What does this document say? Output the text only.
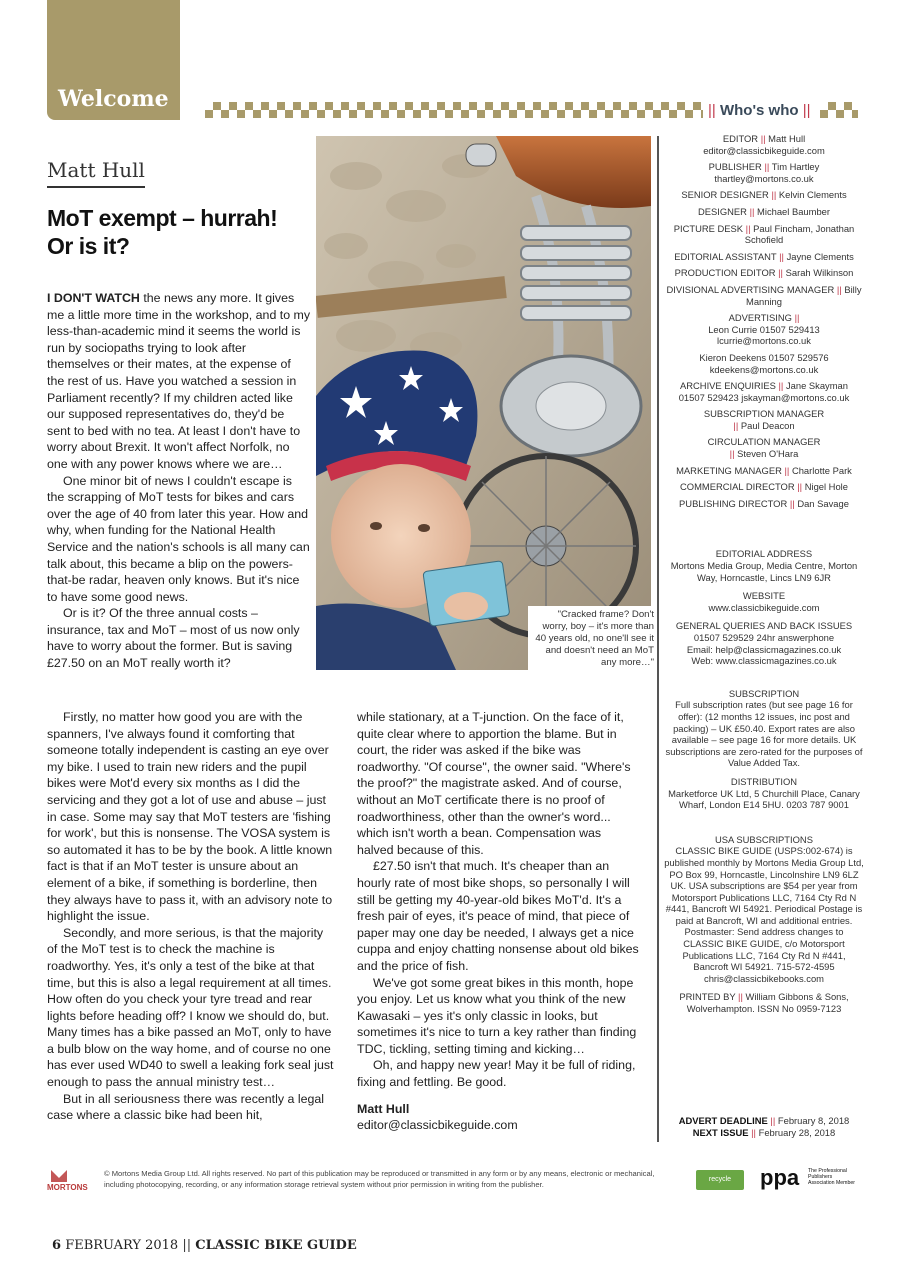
Welcome	|| Who's who ||
Matt Hull
MoT exempt – hurrah! Or is it?

I DON'T WATCH the news any more. It gives me a little more time in the workshop, and to my less-than-academic mind it seems the world is run by sociopaths trying to look after themselves or their mates, at the expense of the rest of us. Have you watched a session in Parliament recently? If my children acted like our supposed representatives do, they'd be sent to bed with no tea. At least I don't have to worry about Brexit. It won't affect Norfolk, no one with any power knows where we are…

One minor bit of news I couldn't escape is the scrapping of MoT tests for bikes and cars over the age of 40 from later this year. How and why, when funding for the National Health Service and the nation's schools is all many can talk about, this became a blip on the powers-that-be radar, heaven only knows. But it's nice to have some good news.

Or is it? Of the three annual costs – insurance, tax and MoT – most of us now only have to worry about the former. But is saving £27.50 on an MoT really worth it?

Firstly, no matter how good you are with the spanners, I've always found it comforting that someone totally independent is casting an eye over my bike. I used to train new riders and the pupil bikes were Mot'd every six months as I did the servicing and they got a lot of use and abuse – just in case. Some may say that MoT testers are 'fishing for work', but this is nonsense. The VOSA system is so automated it has to be by the book. A little known fact is that if an MoT tester is unsure about an element of a bike, if something is borderline, then they always have to pass it, with an advisory note to highlight the issue.

Secondly, and more serious, is that the majority of the MoT test is to check the machine is roadworthy. Yes, it's only a test of the bike at that time, but this is also a legal requirement at all times. How often do you check your tyre tread and rear lights before heading off? I know we should do, but. Many times has a bike passed an MoT, only to have a bulb blow on the way home, and of course no one has ever used WD40 to swell a leaking fork seal just enough to pass the annual ministry test…

But in all seriousness there was recently a legal case where a classic bike had been hit,

while stationary, at a T-junction. On the face of it, quite clear where to apportion the blame. But in court, the rider was asked if the bike was roadworthy. "Of course", the owner said. "Where's the proof?" the magistrate asked. And of course, without an MoT certificate there is no proof of roadworthiness, other than the owner's word... which isn't worth a bean. Compensation was halved because of this.

£27.50 isn't that much. It's cheaper than an hourly rate of most bike shops, so personally I will still be getting my 40-year-old bikes MoT'd. It's a fresh pair of eyes, it's peace of mind, that piece of paper may one day be needed, I always get a nice cuppa and enjoy chatting nonsense about old bikes and the price of fish.

We've got some great bikes in this month, hope you enjoy. Let us know what you think of the new Kawasaki – yes it's only classic in looks, but sometimes it's nice to turn a key rather than finding TDC, tickling, setting timing and kicking…

Oh, and happy new year! May it be full of riding, fixing and fettling. Be good.

Matt Hull
editor@classicbikeguide.com
"Cracked frame? Don't worry, boy – it's more than 40 years old, no one'll see it and doesn't need an MoT any more…"
EDITOR || Matt Hull
editor@classicbikeguide.com
PUBLISHER || Tim Hartley
thartley@mortons.co.uk
SENIOR DESIGNER || Kelvin Clements
DESIGNER || Michael Baumber
PICTURE DESK || Paul Fincham, Jonathan Schofield
EDITORIAL ASSISTANT || Jayne Clements
PRODUCTION EDITOR || Sarah Wilkinson
DIVISIONAL ADVERTISING MANAGER || Billy Manning
ADVERTISING ||
Leon Currie 01507 529413
lcurrie@mortons.co.uk
Kieron Deekens 01507 529576
kdeekens@mortons.co.uk
ARCHIVE ENQUIRIES || Jane Skayman
01507 529423 jskayman@mortons.co.uk
SUBSCRIPTION MANAGER
|| Paul Deacon
CIRCULATION MANAGER
|| Steven O'Hara
MARKETING MANAGER || Charlotte Park
COMMERCIAL DIRECTOR || Nigel Hole
PUBLISHING DIRECTOR || Dan Savage
EDITORIAL ADDRESS
Mortons Media Group, Media Centre, Morton Way, Horncastle, Lincs LN9 6JR
WEBSITE
www.classicbikeguide.com
GENERAL QUERIES AND BACK ISSUES
01507 529529 24hr answerphone
Email: help@classicmagazines.co.uk
Web: www.classicmagazines.co.uk
SUBSCRIPTION
Full subscription rates (but see page 16 for offer): (12 months 12 issues, inc post and packing) – UK £50.40. Export rates are also available – see page 16 for more details. UK subscriptions are zero-rated for the purposes of Value Added Tax.
DISTRIBUTION
Marketforce UK Ltd, 5 Churchill Place, Canary Wharf, London E14 5HU. 0203 787 9001
USA SUBSCRIPTIONS
CLASSIC BIKE GUIDE (USPS:002-674) is published monthly by Mortons Media Group Ltd, PO Box 99, Horncastle, Lincolnshire LN9 6LZ UK. USA subscriptions are $54 per year from Motorsport Publications LLC, 7164 Cty Rd N #441, Bancroft WI 54921. Periodical Postage is paid at Bancroft, WI and additional entries. Postmaster: Send address changes to CLASSIC BIKE GUIDE, c/o Motorsport Publications LLC, 7164 Cty Rd N #441, Bancroft WI 54921. 715-572-4595 chris@classicbikebooks.com
PRINTED BY || William Gibbons & Sons, Wolverhampton. ISSN No 0959-7123
ADVERT DEADLINE || February 8, 2018
NEXT ISSUE || February 28, 2018
MORTONS
© Mortons Media Group Ltd. All rights reserved. No part of this publication may be reproduced or transmitted in any form or by any means, electronic or mechanical, including photocopying, recording, or any information storage retrieval system without prior permission in writing from the publisher.
recycle	ppa The Professional Publishers Association Member
6 FEBRUARY 2018 || CLASSIC BIKE GUIDE
